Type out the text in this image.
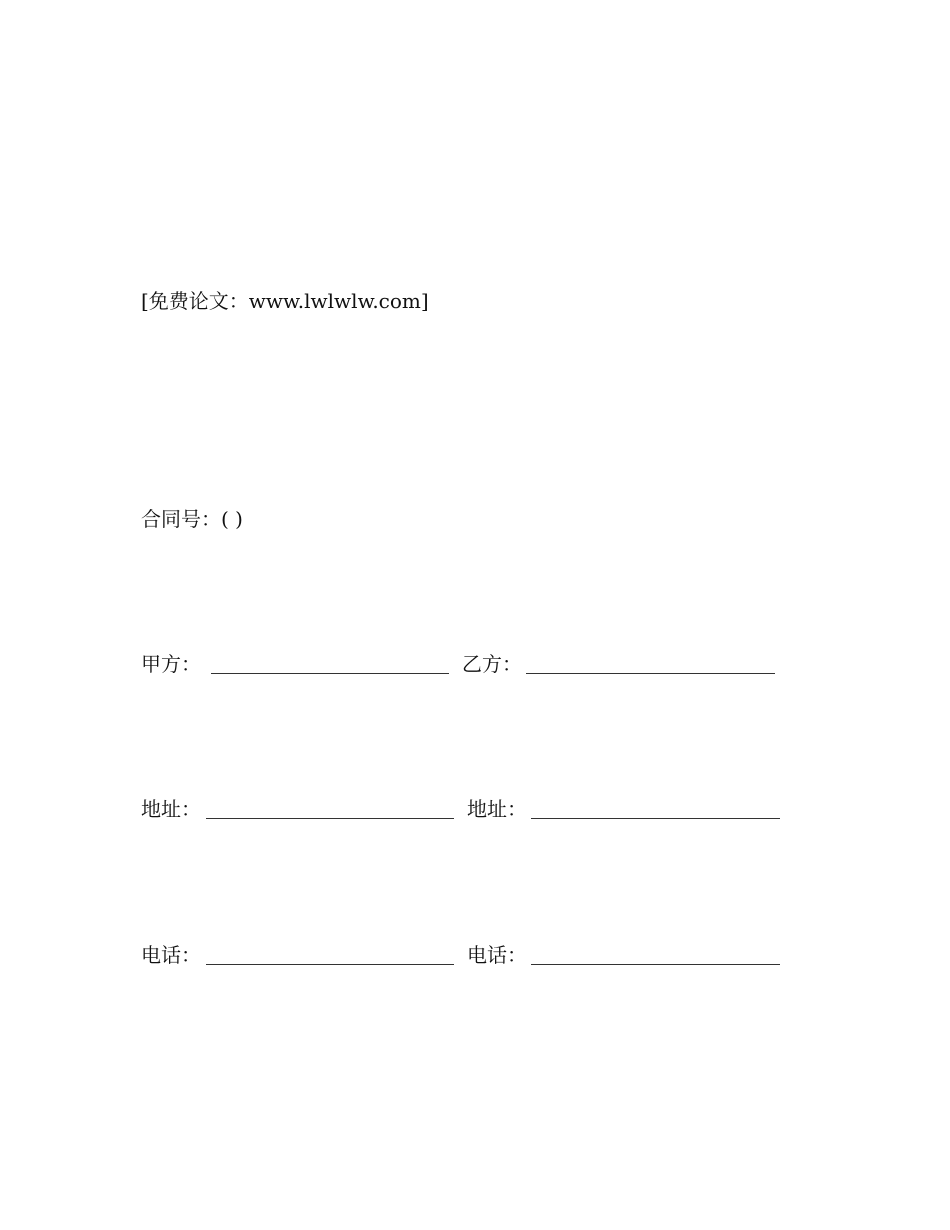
[免费论文：www.lwlwlw.com]
合同号：( )
甲方：	乙方：
地址：	地址：
电话：	电话：
